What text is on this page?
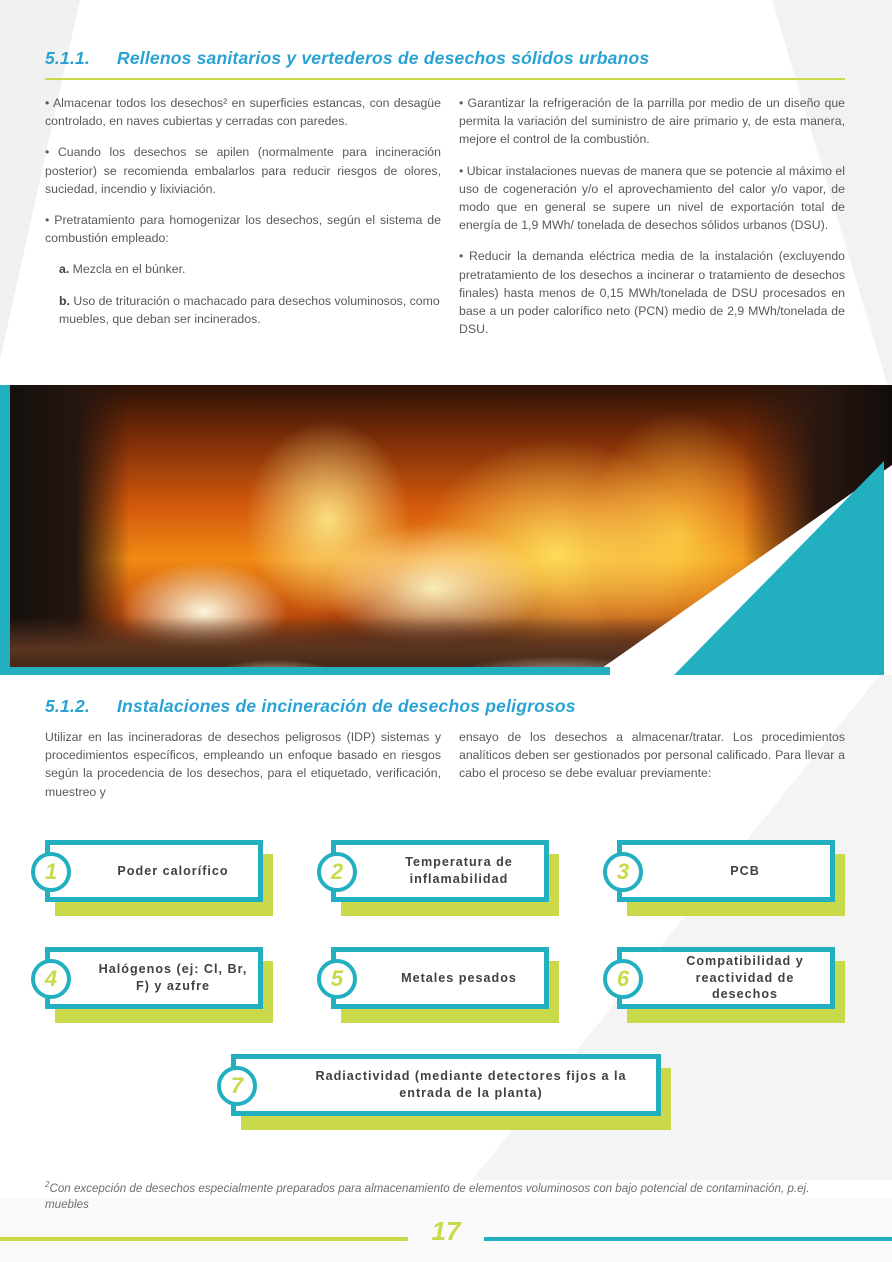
5.1.1.	Rellenos sanitarios y vertederos de desechos sólidos urbanos

• Almacenar todos los desechos² en superficies estancas, con desagüe controlado, en naves cubiertas y cerradas con paredes.

• Cuando los desechos se apilen (normalmente para incineración posterior) se recomienda embalarlos para reducir riesgos de olores, suciedad, incendio y lixiviación.

• Pretratamiento para homogenizar los desechos, según el sistema de combustión empleado:

a. Mezcla en el búnker.

b. Uso de trituración o machacado para desechos voluminosos, como muebles, que deban ser incinerados.

• Garantizar la refrigeración de la parrilla por medio de un diseño que permita la variación del suministro de aire primario y, de esta manera, mejore el control de la combustión.

• Ubicar instalaciones nuevas de manera que se potencie al máximo el uso de cogeneración y/o el aprovechamiento del calor y/o vapor, de modo que en general se supere un nivel de exportación total de energía de 1,9 MWh/ tonelada de desechos sólidos urbanos (DSU).

• Reducir la demanda eléctrica media de la instalación (excluyendo pretratamiento de los desechos a incinerar o tratamiento de desechos finales) hasta menos de 0,15 MWh/tonelada de DSU procesados en base a un poder calorífico neto (PCN) medio de 2,9 MWh/tonelada de DSU.

5.1.2.	Instalaciones de incineración de desechos peligrosos

Utilizar en las incineradoras de desechos peligrosos (IDP) sistemas y procedimientos específicos, empleando un enfoque basado en riesgos según la procedencia de los desechos, para el etiquetado, verificación, muestreo y

ensayo de los desechos a almacenar/tratar. Los procedimientos analíticos deben ser gestionados por personal calificado. Para llevar a cabo el proceso se debe evaluar previamente:

Poder calorífico
1	Temperatura de inflamabilidad
2	PCB
3
Halógenos (ej: Cl, Br, F) y azufre
4	Metales pesados
5
Compatibilidad y reactividad de desechos
6
Radiactividad (mediante detectores fijos a la entrada de la planta)
7
$^2$Con excepción de desechos especialmente preparados para almacenamiento de elementos voluminosos con bajo potencial de contaminación, p.ej. muebles
17
